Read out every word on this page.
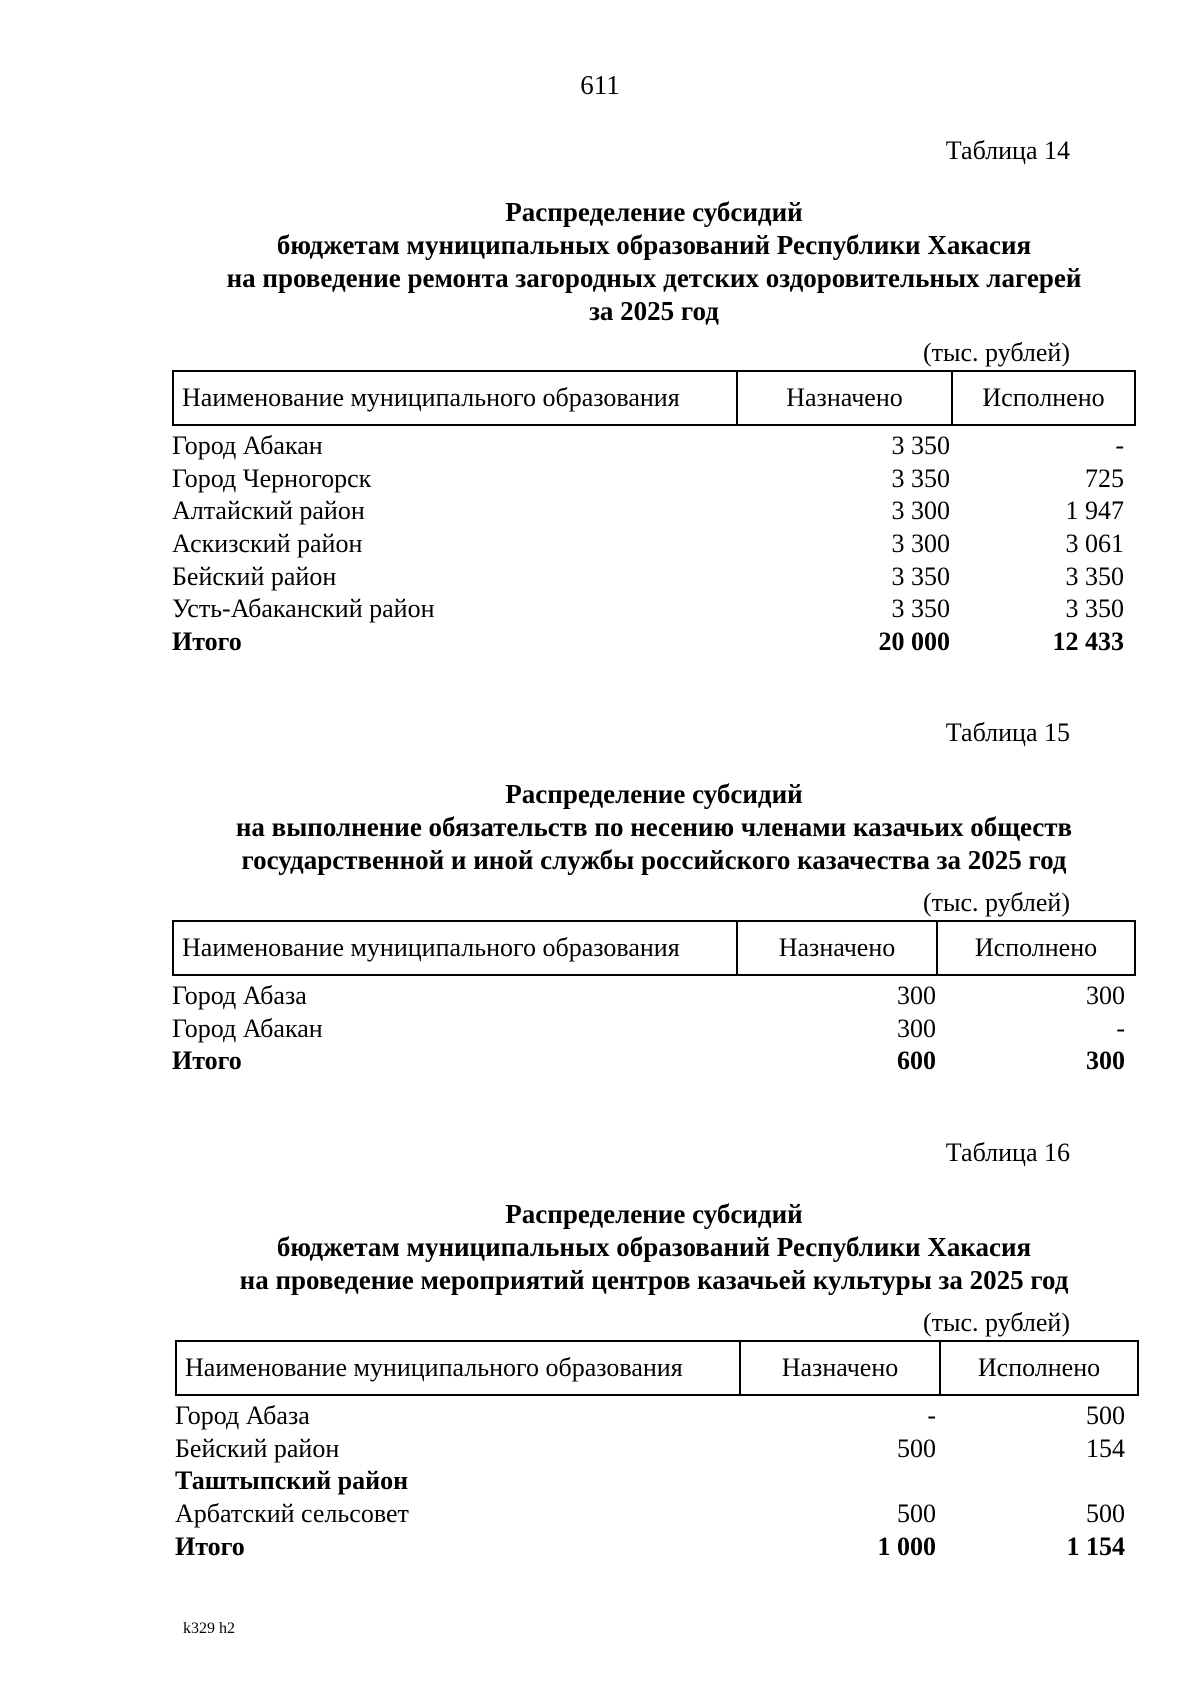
611
Таблица 14
Распределение субсидий
бюджетам муниципальных образований Республики Хакасия
на проведение ремонта загородных детских оздоровительных лагерей
за 2025 год
(тыс. рублей)
Наименование муниципального образования	Назначено	Исполнено
Город Абакан	3 350	-
Город Черногорск	3 350	725
Алтайский район	3 300	1 947
Аскизский район	3 300	3 061
Бейский район	3 350	3 350
Усть-Абаканский район	3 350	3 350
Итого	20 000	12 433
Таблица 15
Распределение субсидий
на выполнение обязательств по несению членами казачьих обществ
государственной и иной службы российского казачества за 2025 год
(тыс. рублей)
Наименование муниципального образования	Назначено	Исполнено
Город Абаза	300	300
Город Абакан	300	-
Итого	600	300
Таблица 16
Распределение субсидий
бюджетам муниципальных образований Республики Хакасия
на проведение мероприятий центров казачьей культуры за 2025 год
(тыс. рублей)
Наименование муниципального образования	Назначено	Исполнено
Город Абаза	-	500
Бейский район	500	154
Таштыпский район
Арбатский сельсовет	500	500
Итого	1 000	1 154
k329 h2
